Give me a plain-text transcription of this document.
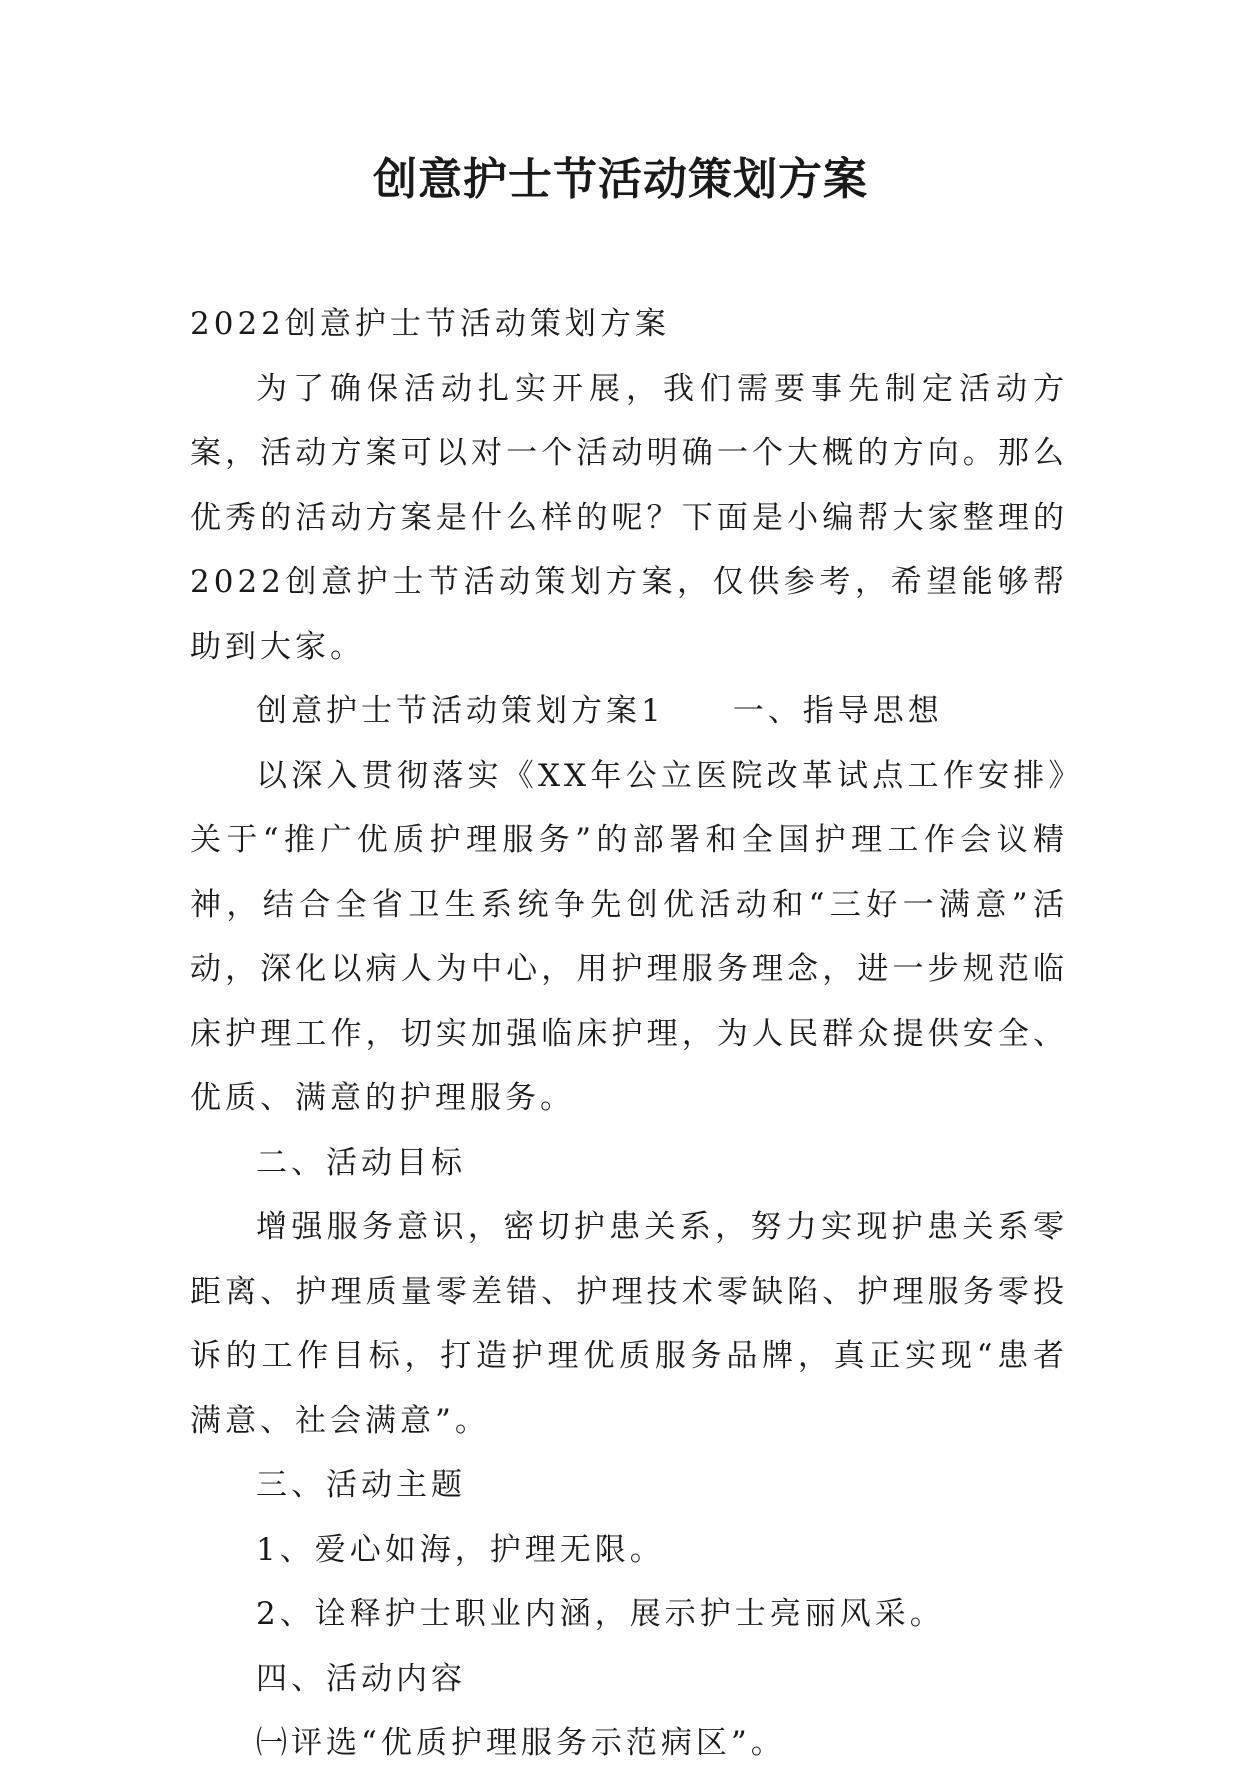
创意护士节活动策划方案

2022创意护士节活动策划方案

为了确保活动扎实开展，我们需要事先制定活动方案，活动方案可以对一个活动明确一个大概的方向。那么优秀的活动方案是什么样的呢？下面是小编帮大家整理的2022创意护士节活动策划方案，仅供参考，希望能够帮助到大家。

创意护士节活动策划方案1 一、指导思想

以深入贯彻落实《XX年公立医院改革试点工作安排》关于“推广优质护理服务”的部署和全国护理工作会议精神，结合全省卫生系统争先创优活动和“三好一满意”活动，深化以病人为中心，用护理服务理念，进一步规范临床护理工作，切实加强临床护理，为人民群众提供安全、优质、满意的护理服务。

二、活动目标

增强服务意识，密切护患关系，努力实现护患关系零距离、护理质量零差错、护理技术零缺陷、护理服务零投诉的工作目标，打造护理优质服务品牌，真正实现“患者满意、社会满意”。

三、活动主题

1、爱心如海，护理无限。

2、诠释护士职业内涵，展示护士亮丽风采。

四、活动内容

㈠评选“优质护理服务示范病区”。
